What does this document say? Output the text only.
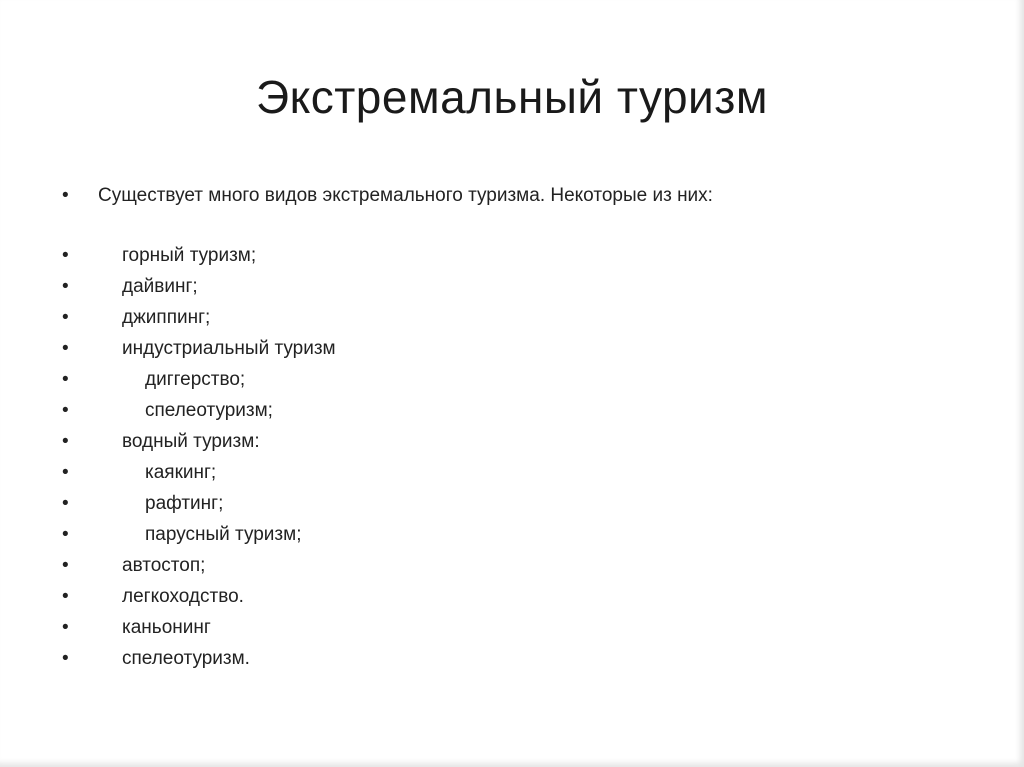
Экстремальный туризм
• Существует много видов экстремального туризма. Некоторые из них:
•	горный туризм;
•	дайвинг;
•	джиппинг;
•	индустриальный туризм
•	диггерство;
•	спелеотуризм;
•	водный туризм:
•	каякинг;
•	рафтинг;
•	парусный туризм;
•	автостоп;
•	легкоходство.
•	каньонинг
•	спелеотуризм.
